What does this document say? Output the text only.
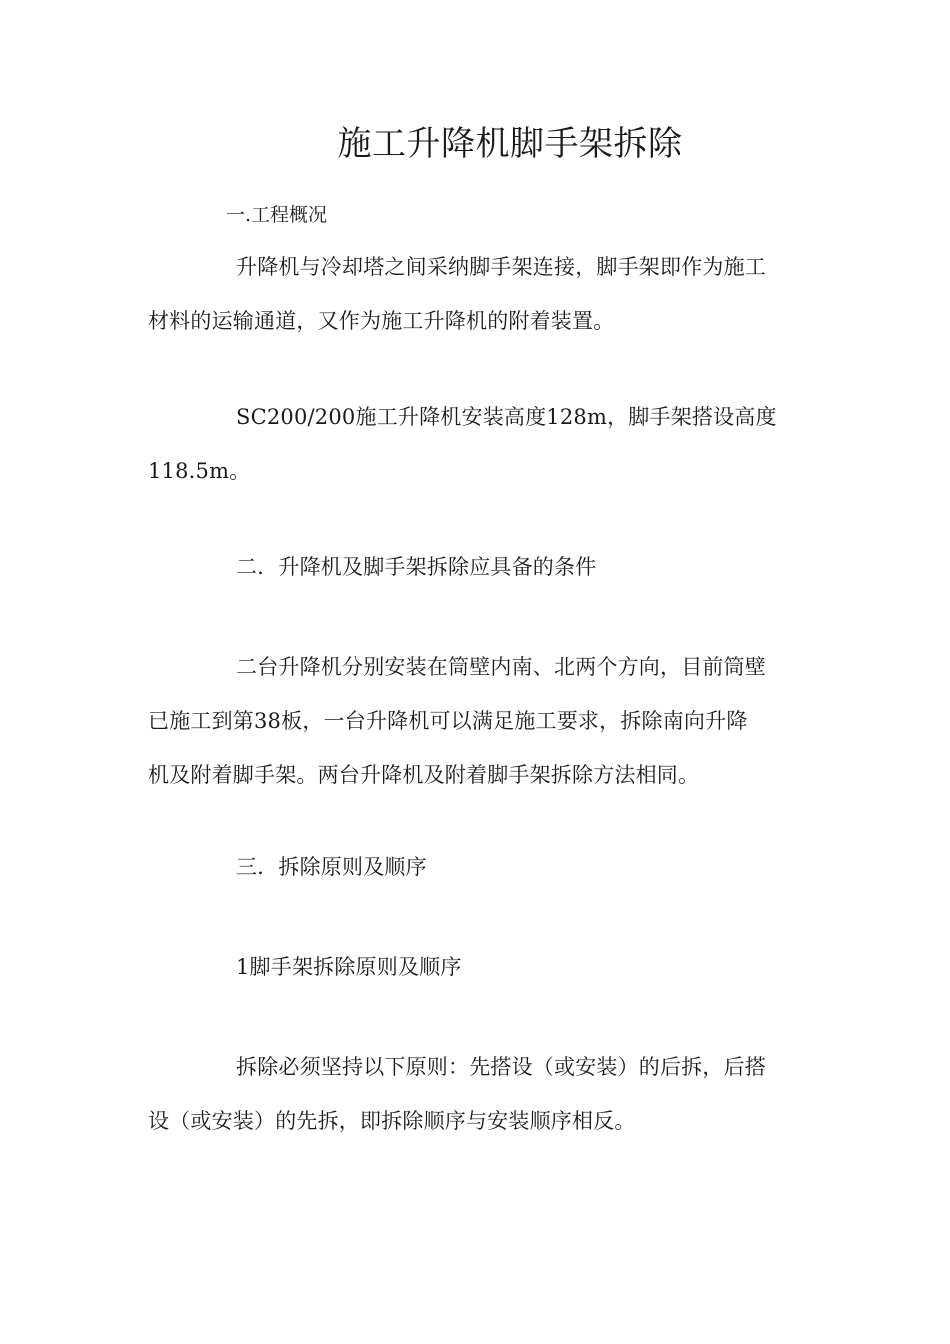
施工升降机脚手架拆除
一.工程概况

升降机与冷却塔之间采纳脚手架连接，脚手架即作为施工
材料的运输通道，又作为施工升降机的附着装置。

SC200/200施工升降机安装高度128m，脚手架搭设高度
118.5m。

二．升降机及脚手架拆除应具备的条件

二台升降机分别安装在筒壁内南、北两个方向，目前筒壁
已施工到第38板，一台升降机可以满足施工要求，拆除南向升降
机及附着脚手架。两台升降机及附着脚手架拆除方法相同。

三．拆除原则及顺序

1脚手架拆除原则及顺序

拆除必须坚持以下原则：先搭设（或安装）的后拆，后搭
设（或安装）的先拆，即拆除顺序与安装顺序相反。
